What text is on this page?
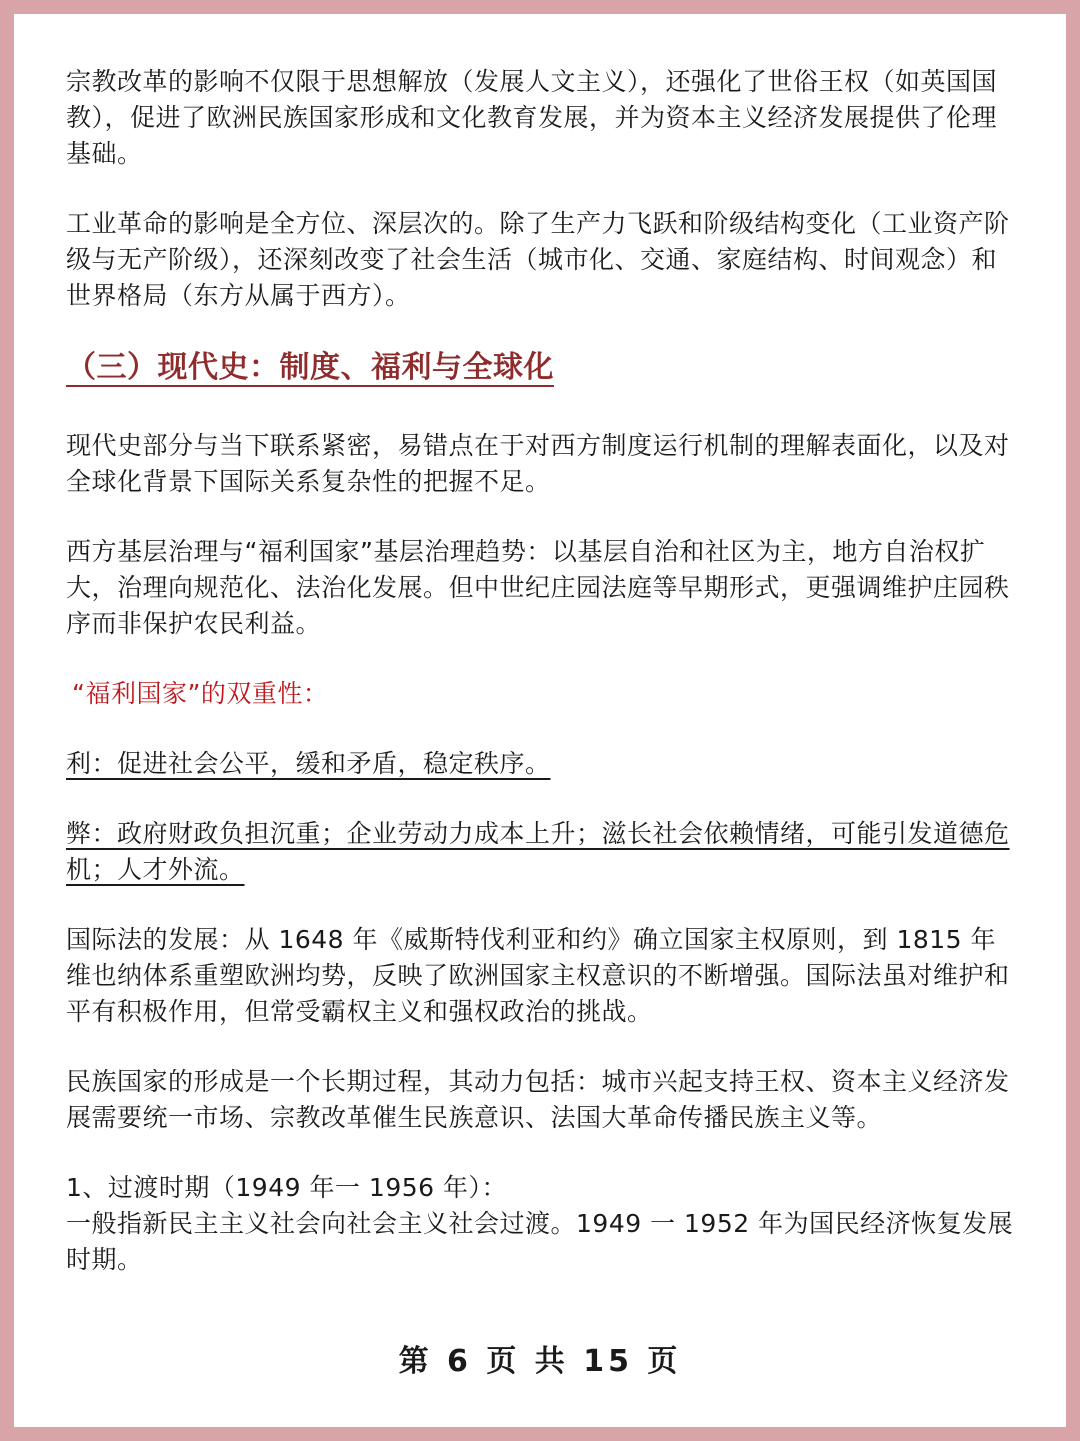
宗教改革的影响不仅限于思想解放（发展人文主义），还强化了世俗王权（如英国国教），促进了欧洲民族国家形成和文化教育发展，并为资本主义经济发展提供了伦理基础。

工业革命的影响是全方位、深层次的。除了生产力飞跃和阶级结构变化（工业资产阶级与无产阶级），还深刻改变了社会生活（城市化、交通、家庭结构、时间观念）和世界格局（东方从属于西方）。

（三）现代史：制度、福利与全球化

现代史部分与当下联系紧密，易错点在于对西方制度运行机制的理解表面化，以及对全球化背景下国际关系复杂性的把握不足。

西方基层治理与“福利国家”基层治理趋势：以基层自治和社区为主，地方自治权扩大，治理向规范化、法治化发展。但中世纪庄园法庭等早期形式，更强调维护庄园秩序而非保护农民利益。

“福利国家”的双重性：

利：促进社会公平，缓和矛盾，稳定秩序。

弊：政府财政负担沉重；企业劳动力成本上升；滋长社会依赖情绪，可能引发道德危机；人才外流。

国际法的发展：从 1648 年《威斯特伐利亚和约》确立国家主权原则，到 1815 年维也纳体系重塑欧洲均势，反映了欧洲国家主权意识的不断增强。国际法虽对维护和平有积极作用，但常受霸权主义和强权政治的挑战。

民族国家的形成是一个长期过程，其动力包括：城市兴起支持王权、资本主义经济发展需要统一市场、宗教改革催生民族意识、法国大革命传播民族主义等。

1、过渡时期（1949 年一 1956 年）：

一般指新民主主义社会向社会主义社会过渡。1949 一 1952 年为国民经济恢复发展时期。

第 6 页 共 15 页
